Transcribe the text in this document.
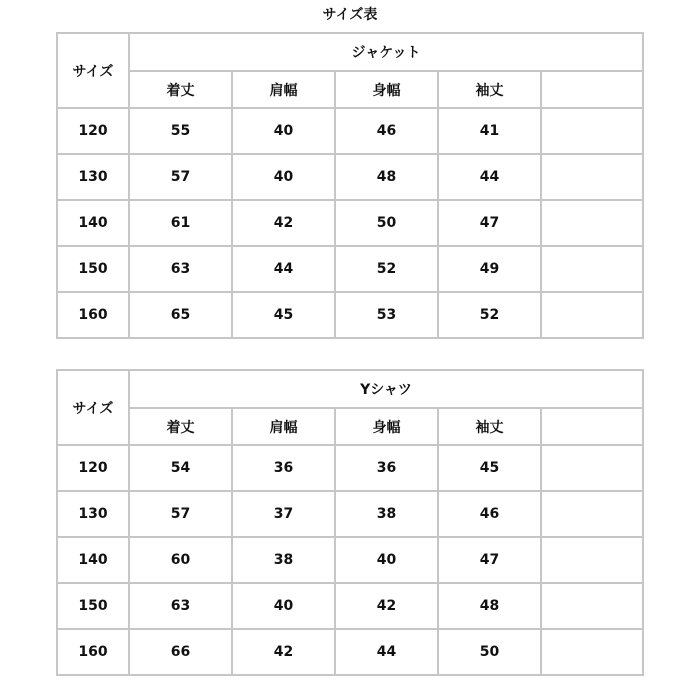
サイズ表
サイズ	ジャケット				
	着丈	肩幅	身幅	袖丈	
120	55	40	46	41	
130	57	40	48	44	
140	61	42	50	47	
150	63	44	52	49	
160	65	45	53	52	
サイズ	Yシャツ				
	着丈	肩幅	身幅	袖丈	
120	54	36	36	45	
130	57	37	38	46	
140	60	38	40	47	
150	63	40	42	48	
160	66	42	44	50	
